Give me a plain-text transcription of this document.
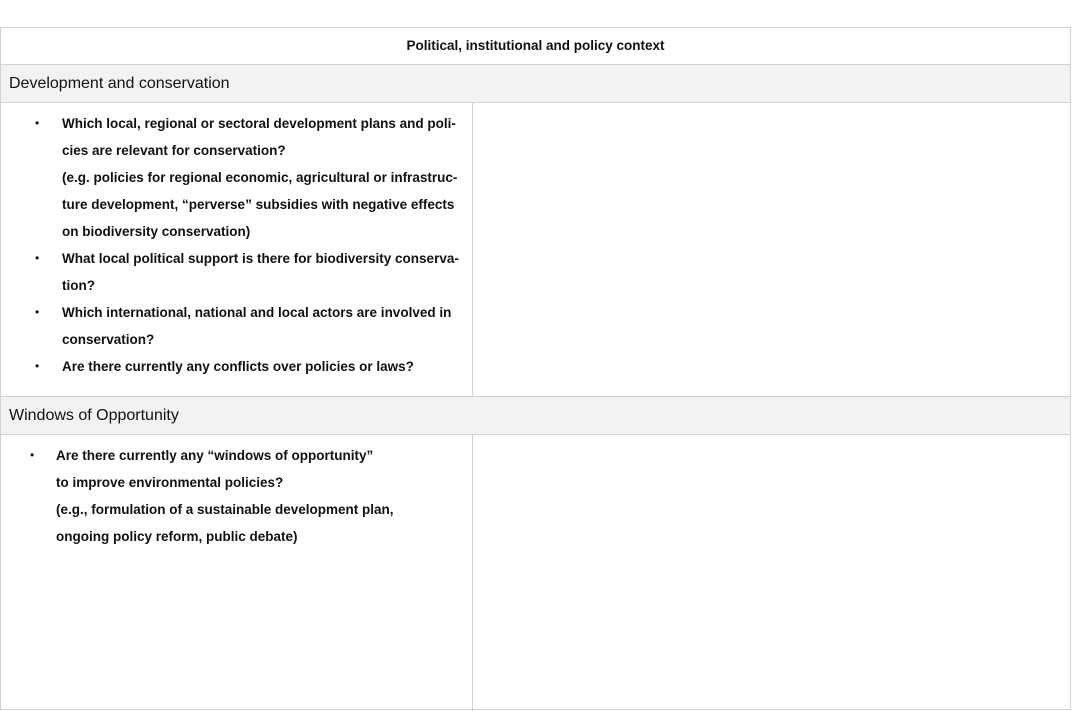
Political, institutional and policy context
Development and conservation
• Which local, regional or sectoral development plans and poli-
cies are relevant for conservation?
(e.g. policies for regional economic, agricultural or infrastruc-
ture development, “perverse” subsidies with negative effects
on biodiversity conservation)
• What local political support is there for biodiversity conserva-
tion?
• Which international, national and local actors are involved in
conservation?
• Are there currently any conflicts over policies or laws?
Windows of Opportunity
• Are there currently any “windows of opportunity”
to improve environmental policies?
(e.g., formulation of a sustainable development plan,
ongoing policy reform, public debate)
